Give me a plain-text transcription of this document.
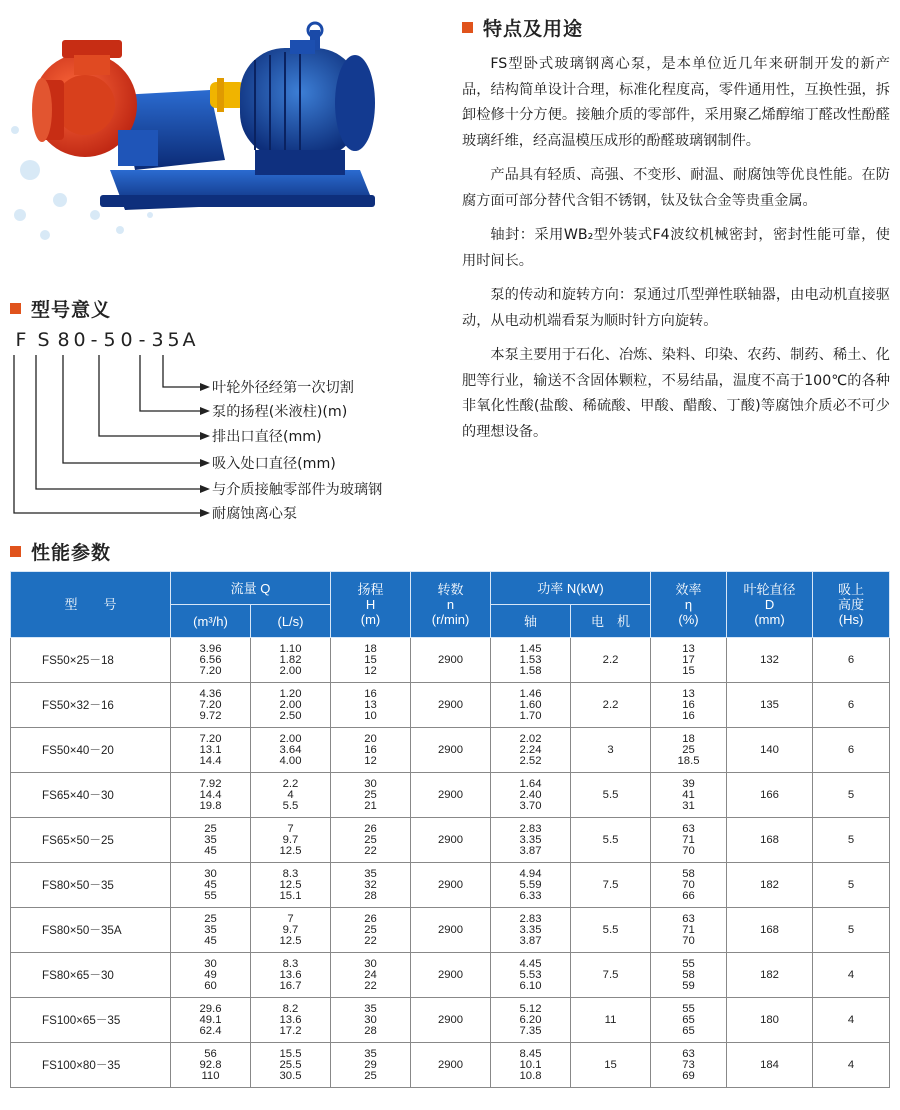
特点及用途

FS型卧式玻璃钢离心泵，是本单位近几年来研制开发的新产品，结构简单设计合理，标准化程度高，零件通用性，互换性强，拆卸检修十分方便。接触介质的零部件，采用聚乙烯醇缩丁醛改性酚醛玻璃纤维，经高温模压成形的酚醛玻璃钢制件。

产品具有轻质、高强、不变形、耐温、耐腐蚀等优良性能。在防腐方面可部分替代含钼不锈钢，钛及钛合金等贵重金属。

轴封：采用WB₂型外装式F4波纹机械密封，密封性能可靠，使用时间长。

泵的传动和旋转方向：泵通过爪型弹性联轴器，由电动机直接驱动，从电动机端看泵为顺时针方向旋转。

本泵主要用于石化、冶炼、染料、印染、农药、制药、稀土、化肥等行业，输送不含固体颗粒，不易结晶，温度不高于100℃的各种非氧化性酸(盐酸、稀硫酸、甲酸、醋酸、丁酸)等腐蚀介质必不可少的理想设备。

型号意义
F S 8 0 - 5 0 - 3 5 A
叶轮外径经第一次切割
泵的扬程(米液柱)(m)
排出口直径(mm)
吸入处口直径(mm)
与介质接触零部件为玻璃钢
耐腐蚀离心泵
性能参数
型　　号	流量 Q		扬程
H
(m)	转数
n
(r/min)	功率 N(kW)		效率
η
(%)	叶轮直径
D
(mm)	吸上
高度
(Hs)
	(m³/h)	(L/s)			轴	电　机			
FS50×25－18	3.96
6.56
7.20	1.10
1.82
2.00	18
15
12	2900	1.45
1.53
1.58	2.2	13
17
15	132	6
FS50×32－16	4.36
7.20
9.72	1.20
2.00
2.50	16
13
10	2900	1.46
1.60
1.70	2.2	13
16
16	135	6
FS50×40－20	7.20
13.1
14.4	2.00
3.64
4.00	20
16
12	2900	2.02
2.24
2.52	3	18
25
18.5	140	6
FS65×40－30	7.92
14.4
19.8	2.2
4
5.5	30
25
21	2900	1.64
2.40
3.70	5.5	39
41
31	166	5
FS65×50－25	25
35
45	7
9.7
12.5	26
25
22	2900	2.83
3.35
3.87	5.5	63
71
70	168	5
FS80×50－35	30
45
55	8.3
12.5
15.1	35
32
28	2900	4.94
5.59
6.33	7.5	58
70
66	182	5
FS80×50－35A	25
35
45	7
9.7
12.5	26
25
22	2900	2.83
3.35
3.87	5.5	63
71
70	168	5
FS80×65－30	30
49
60	8.3
13.6
16.7	30
24
22	2900	4.45
5.53
6.10	7.5	55
58
59	182	4
FS100×65－35	29.6
49.1
62.4	8.2
13.6
17.2	35
30
28	2900	5.12
6.20
7.35	11	55
65
65	180	4
FS100×80－35	56
92.8
110	15.5
25.5
30.5	35
29
25	2900	8.45
10.1
10.8	15	63
73
69	184	4
